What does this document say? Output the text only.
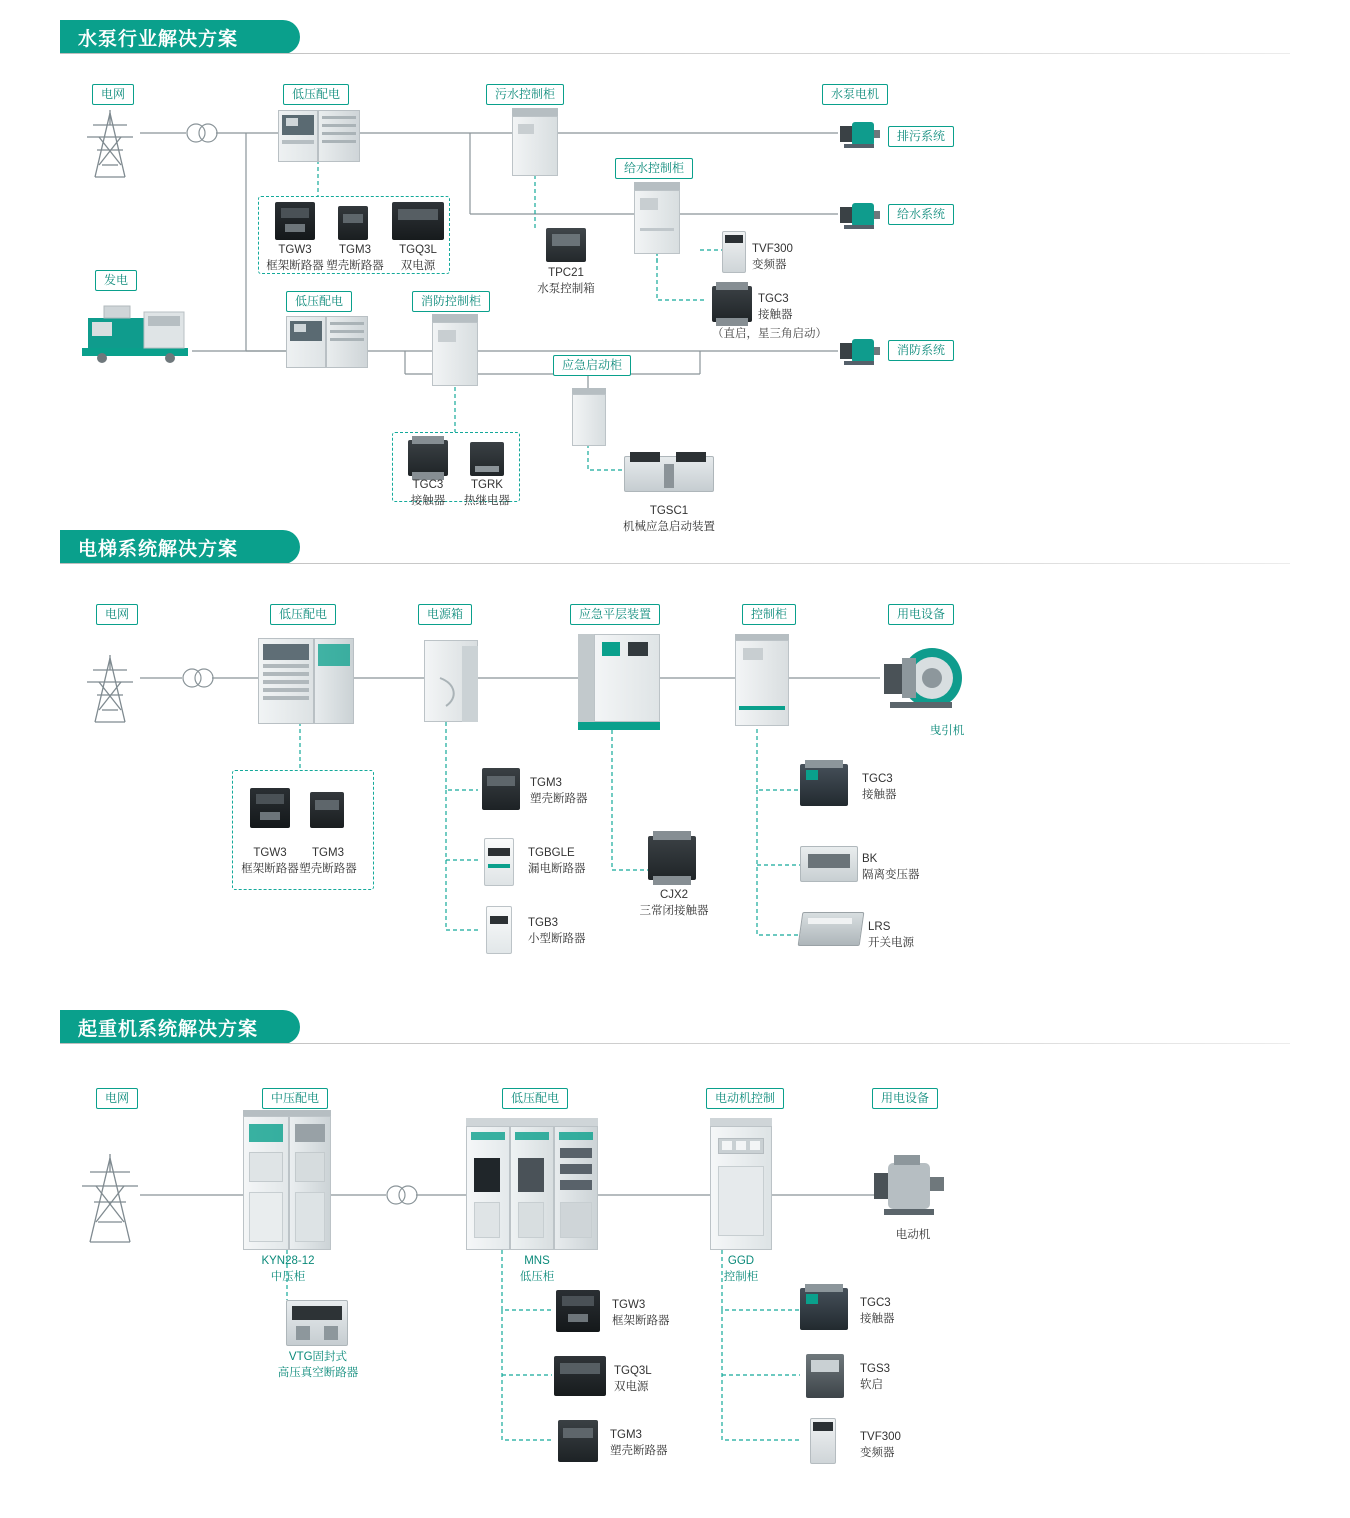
水泵行业解决方案
电梯系统解决方案
起重机系统解决方案
电网	低压配电	污水控制柜	水泵电机
排污系统
给水控制柜
给水系统
发电
低压配电	消防控制柜
消防系统
应急启动柜
TGW3
框架断路器
TGM3
塑壳断路器
TGQ3L
双电源
TPC21
水泵控制箱
TVF300
变频器
TGC3
接触器
（直启，星三角启动）
TGC3
接触器
TGRK
热继电器
TGSC1
机械应急启动装置
电网	低压配电	电源箱	应急平层装置	控制柜	用电设备
曳引机
TGW3
框架断路器
TGM3
塑壳断路器
TGM3
塑壳断路器
TGBGLE
漏电断路器
TGB3
小型断路器
CJX2
三常闭接触器
TGC3
接触器
BK
隔离变压器
LRS
开关电源
电网	中压配电	低压配电	电动机控制	用电设备
KYN28-12
中压柜
VTG固封式
高压真空断路器
MNS
低压柜
GGD
控制柜
电动机
TGW3
框架断路器
TGQ3L
双电源
TGM3
塑壳断路器
TGC3
接触器
TGS3
软启
TVF300
变频器
